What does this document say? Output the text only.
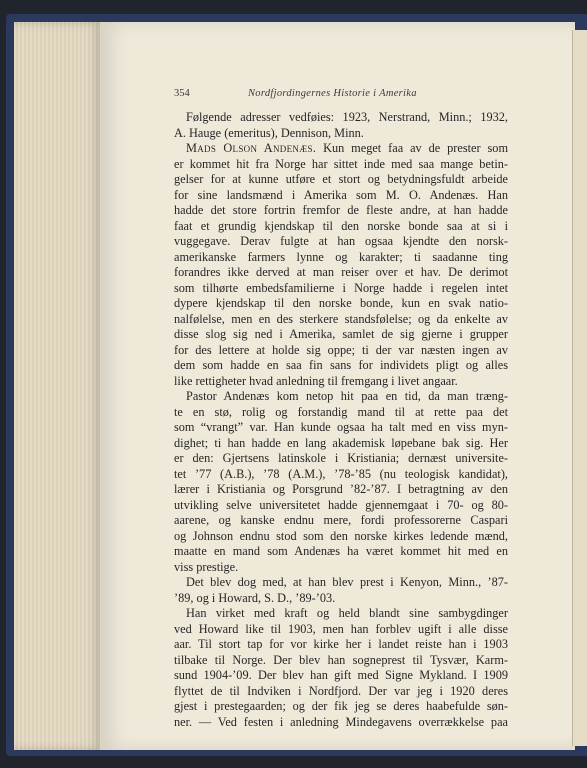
354	Nordfjordingernes Historie i Amerika
Følgende adresser vedføies: 1923, Nerstrand, Minn.; 1932,
A. Hauge (emeritus), Dennison, Minn.
Mads Olson Andenæs. Kun meget faa av de prester som
er kommet hit fra Norge har sittet inde med saa mange betin-
gelser for at kunne utføre et stort og betydningsfuldt arbeide
for sine landsmænd i Amerika som M. O. Andenæs. Han
hadde det store fortrin fremfor de fleste andre, at han hadde
faat et grundig kjendskap til den norske bonde saa at si i
vuggegave. Derav fulgte at han ogsaa kjendte den norsk-
amerikanske farmers lynne og karakter; ti saadanne ting
forandres ikke derved at man reiser over et hav. De derimot
som tilhørte embedsfamilierne i Norge hadde i regelen intet
dypere kjendskap til den norske bonde, kun en svak natio-
nalfølelse, men en des sterkere standsfølelse; og da enkelte av
disse slog sig ned i Amerika, samlet de sig gjerne i grupper
for des lettere at holde sig oppe; ti der var næsten ingen av
dem som hadde en saa fin sans for individets pligt og alles
like rettigheter hvad anledning til fremgang i livet angaar.
Pastor Andenæs kom netop hit paa en tid, da man træng-
te en stø, rolig og forstandig mand til at rette paa det
som “vrangt” var. Han kunde ogsaa ha talt med en viss myn-
dighet; ti han hadde en lang akademisk løpebane bak sig. Her
er den: Gjertsens latinskole i Kristiania; dernæst universite-
tet ’77 (A.B.), ’78 (A.M.), ’78-’85 (nu teologisk kandidat),
lærer i Kristiania og Porsgrund ’82-’87. I betragtning av den
utvikling selve universitetet hadde gjennemgaat i 70- og 80-
aarene, og kanske endnu mere, fordi professorerne Caspari
og Johnson endnu stod som den norske kirkes ledende mænd,
maatte en mand som Andenæs ha været kommet hit med en
viss prestige.
Det blev dog med, at han blev prest i Kenyon, Minn., ’87-
’89, og i Howard, S. D., ’89-’03.
Han virket med kraft og held blandt sine sambygdinger
ved Howard like til 1903, men han forblev ugift i alle disse
aar. Til stort tap for vor kirke her i landet reiste han i 1903
tilbake til Norge. Der blev han sogneprest til Tysvær, Karm-
sund 1904-’09. Der blev han gift med Signe Mykland. I 1909
flyttet de til Indviken i Nordfjord. Der var jeg i 1920 deres
gjest i prestegaarden; og der fik jeg se deres haabefulde søn-
ner. — Ved festen i anledning Mindegavens overrækkelse paa
